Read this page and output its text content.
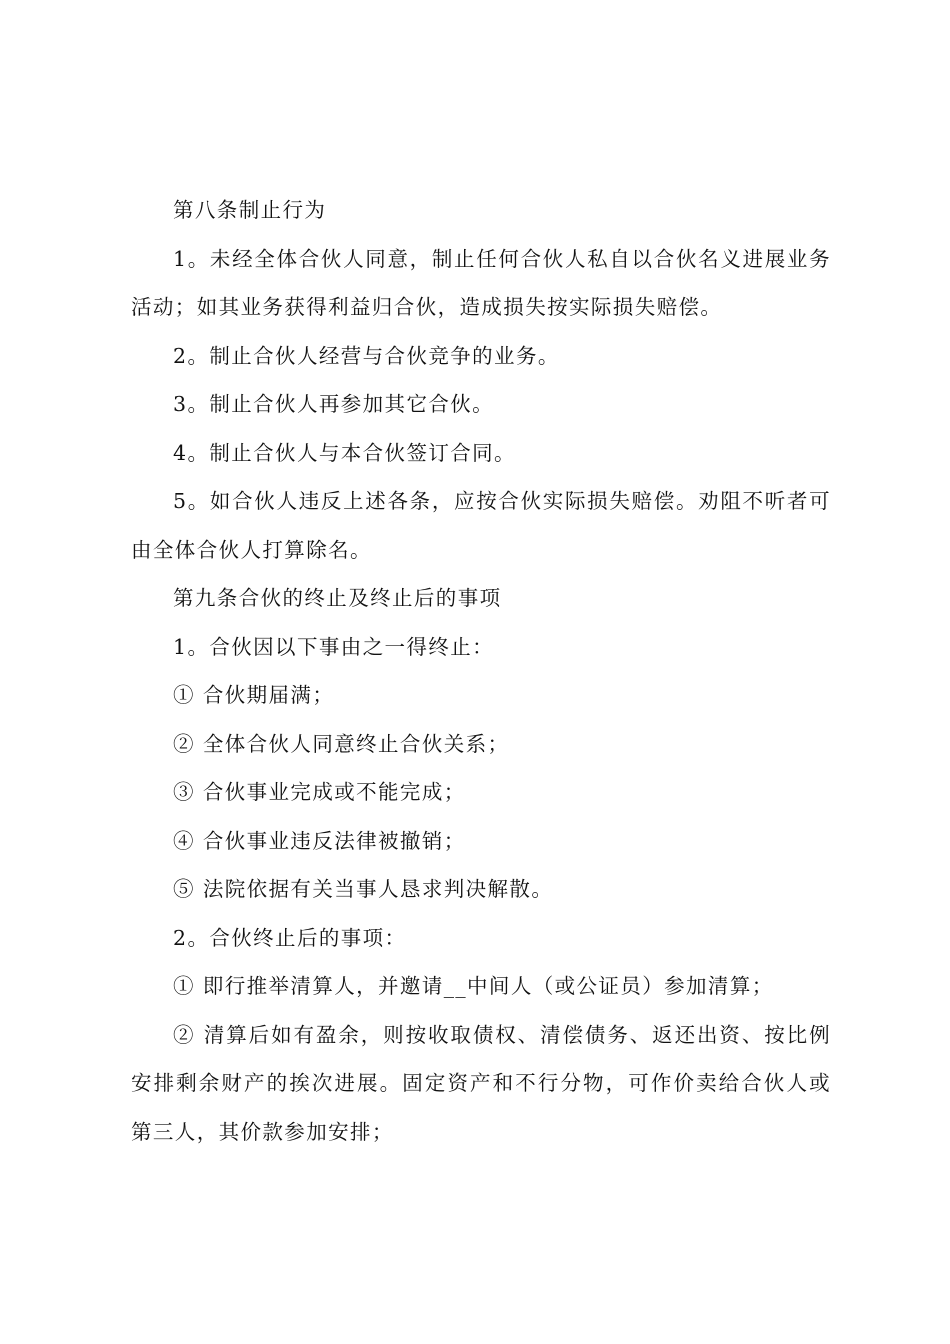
第八条制止行为

1。未经全体合伙人同意，制止任何合伙人私自以合伙名义进展业务活动；如其业务获得利益归合伙，造成损失按实际损失赔偿。

2。制止合伙人经营与合伙竞争的业务。

3。制止合伙人再参加其它合伙。

4。制止合伙人与本合伙签订合同。

5。如合伙人违反上述各条，应按合伙实际损失赔偿。劝阻不听者可由全体合伙人打算除名。

第九条合伙的终止及终止后的事项

1。合伙因以下事由之一得终止：

① 合伙期届满；

② 全体合伙人同意终止合伙关系；

③ 合伙事业完成或不能完成；

④ 合伙事业违反法律被撤销；

⑤ 法院依据有关当事人恳求判决解散。

2。合伙终止后的事项：

① 即行推举清算人，并邀请__中间人（或公证员）参加清算；

② 清算后如有盈余，则按收取债权、清偿债务、返还出资、按比例安排剩余财产的挨次进展。固定资产和不行分物，可作价卖给合伙人或第三人，其价款参加安排；
